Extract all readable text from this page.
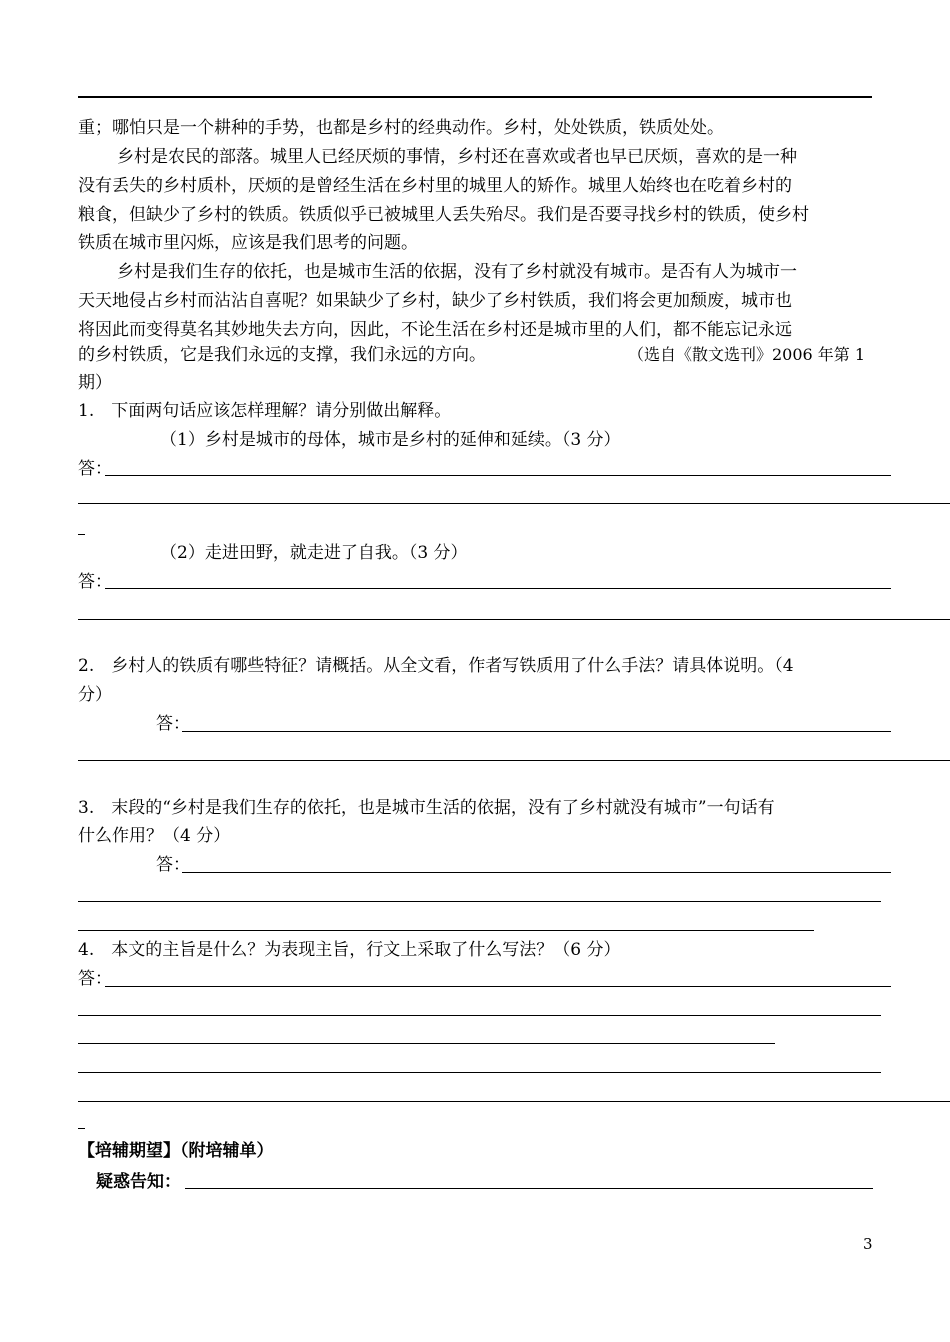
重；哪怕只是一个耕种的手势，也都是乡村的经典动作。乡村，处处铁质，铁质处处。
乡村是农民的部落。城里人已经厌烦的事情，乡村还在喜欢或者也早已厌烦，喜欢的是一种
没有丢失的乡村质朴，厌烦的是曾经生活在乡村里的城里人的矫作。城里人始终也在吃着乡村的
粮食，但缺少了乡村的铁质。铁质似乎已被城里人丢失殆尽。我们是否要寻找乡村的铁质，使乡村
铁质在城市里闪烁，应该是我们思考的问题。
乡村是我们生存的依托，也是城市生活的依据，没有了乡村就没有城市。是否有人为城市一
天天地侵占乡村而沾沾自喜呢？如果缺少了乡村，缺少了乡村铁质，我们将会更加颓废，城市也
将因此而变得莫名其妙地失去方向，因此，不论生活在乡村还是城市里的人们，都不能忘记永远
的乡村铁质，它是我们永远的支撑，我们永远的方向。	（选自《散文选刊》2006 年第 1
期）
1.　下面两句话应该怎样理解？请分别做出解释。
（1）乡村是城市的母体，城市是乡村的延伸和延续。（3 分）
答：
（2）走进田野，就走进了自我。（3 分）
答：
2.　乡村人的铁质有哪些特征？请概括。从全文看，作者写铁质用了什么手法？请具体说明。（4
分）
答：
3.　末段的“乡村是我们生存的依托，也是城市生活的依据，没有了乡村就没有城市”一句话有
什么作用？（4 分）
答：
4.　本文的主旨是什么？为表现主旨，行文上采取了什么写法？（6 分）
答：
【培辅期望】（附培辅单）
疑惑告知：
3
